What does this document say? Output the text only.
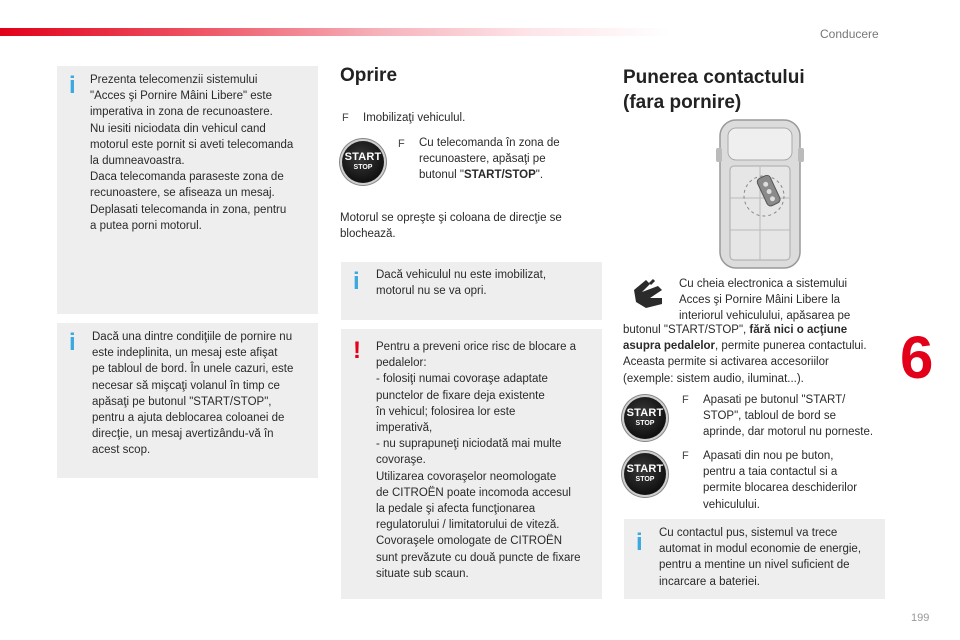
Conducere
6
199
i Prezenta telecomenzii sistemului
"Acces şi Pornire Mâini Libere" este
imperativa in zona de recunoastere.
Nu iesiti niciodata din vehicul cand
motorul este pornit si aveti telecomanda
la dumneavoastra.
Daca telecomanda paraseste zona de
recunoastere, se afiseaza un mesaj.
Deplasati telecomanda in zona, pentru
a putea porni motorul.
i Dacă una dintre condiţiile de pornire nu
este indeplinita, un mesaj este afişat
pe tabloul de bord. În unele cazuri, este
necesar să mişcaţi volanul în timp ce
apăsaţi pe butonul "START/STOP",
pentru a ajuta deblocarea coloanei de
direcţie, un mesaj avertizându-vă în
acest scop.
Oprire
F Imobilizaţi vehiculul.
START
STOP
F Cu telecomanda în zona de
recunoastere, apăsaţi pe
butonul "START/STOP".
Motorul se opreşte şi coloana de direcţie se
blochează.
i Dacă vehiculul nu este imobilizat,
motorul nu se va opri.
! Pentru a preveni orice risc de blocare a
pedalelor:
- folosiţi numai covoraşe adaptate
punctelor de fixare deja existente
în vehicul; folosirea lor este
imperativă,
- nu suprapuneţi niciodată mai multe
covoraşe.
Utilizarea covoraşelor neomologate
de CITROËN poate incomoda accesul
la pedale şi afecta funcţionarea
regulatorului / limitatorului de viteză.
Covoraşele omologate de CITROËN
sunt prevăzute cu două puncte de fixare
situate sub scaun.
Punerea contactului
(fara pornire)
Cu cheia electronica a sistemului
Acces şi Pornire Mâini Libere la
interiorul vehiculului, apăsarea pe
butonul "START/STOP", fără nici o acţiune
asupra pedalelor, permite punerea contactului.
Aceasta permite si activarea accesoriilor
(exemple: sistem audio, iluminat...).
START
STOP
F Apasati pe butonul "START/
STOP", tabloul de bord se
aprinde, dar motorul nu porneste.
START
STOP
F Apasati din nou pe buton,
pentru a taia contactul si a
permite blocarea deschiderilor
vehiculului.
i Cu contactul pus, sistemul va trece
automat in modul economie de energie,
pentru a mentine un nivel suficient de
incarcare a bateriei.
